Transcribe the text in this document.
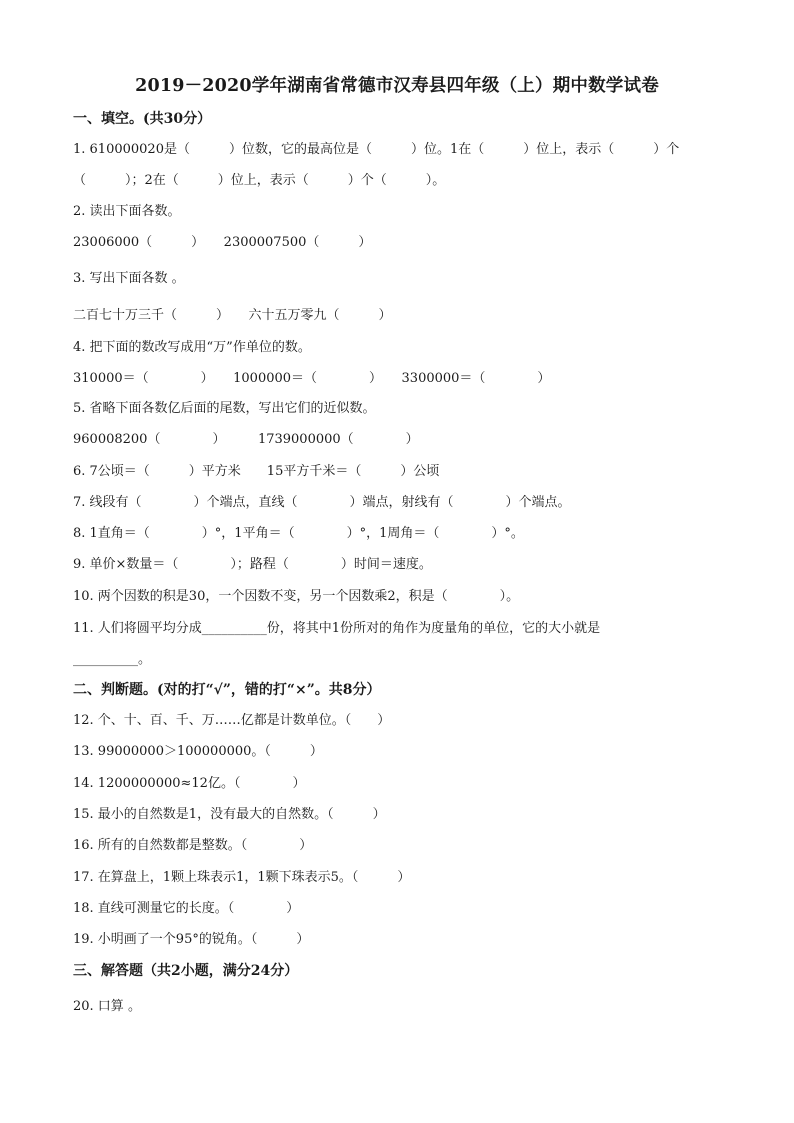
2019－2020学年湖南省常德市汉寿县四年级（上）期中数学试卷
一、填空。(共30分）
1. 610000020是（　　　）位数，它的最高位是（　　　）位。1在（　　　）位上，表示（　　　）个
（　　　）；2在（　　　）位上，表示（　　　）个（　　　）。
2. 读出下面各数。
23006000（　　　）　　2300007500（　　　）
3. 写出下面各数 。
二百七十万三千（　　　）　　六十五万零九（　　　）
4. 把下面的数改写成用“万”作单位的数。
310000＝（　　　　）　　1000000＝（　　　　）　　3300000＝（　　　　）
5. 省略下面各数亿后面的尾数，写出它们的近似数。
960008200（　　　　）　　　1739000000（　　　　）
6. 7公顷＝（　　　）平方米　　15平方千米＝（　　　）公顷
7. 线段有（　　　　）个端点，直线（　　　　）端点，射线有（　　　　）个端点。
8. 1直角＝（　　　　）°，1平角＝（　　　　）°，1周角＝（　　　　）°。
9. 单价×数量＝（　　　　）；路程（　　　　）时间＝速度。
10. 两个因数的积是30，一个因数不变，另一个因数乘2，积是（　　　　）。
11. 人们将圆平均分成__________份，将其中1份所对的角作为度量角的单位，它的大小就是
__________。
二、判断题。(对的打“√”，错的打“×”。共8分）
12. 个、十、百、千、万……亿都是计数单位。（　　）
13. 99000000＞100000000。（　　　）
14. 1200000000≈12亿。（　　　　）
15. 最小的自然数是1，没有最大的自然数。（　　　）
16. 所有的自然数都是整数。（　　　　）
17. 在算盘上，1颗上珠表示1，1颗下珠表示5。（　　　）
18. 直线可测量它的长度。（　　　　）
19. 小明画了一个95°的锐角。（　　　）
三、解答题（共2小题，满分24分）
20. 口算 。
